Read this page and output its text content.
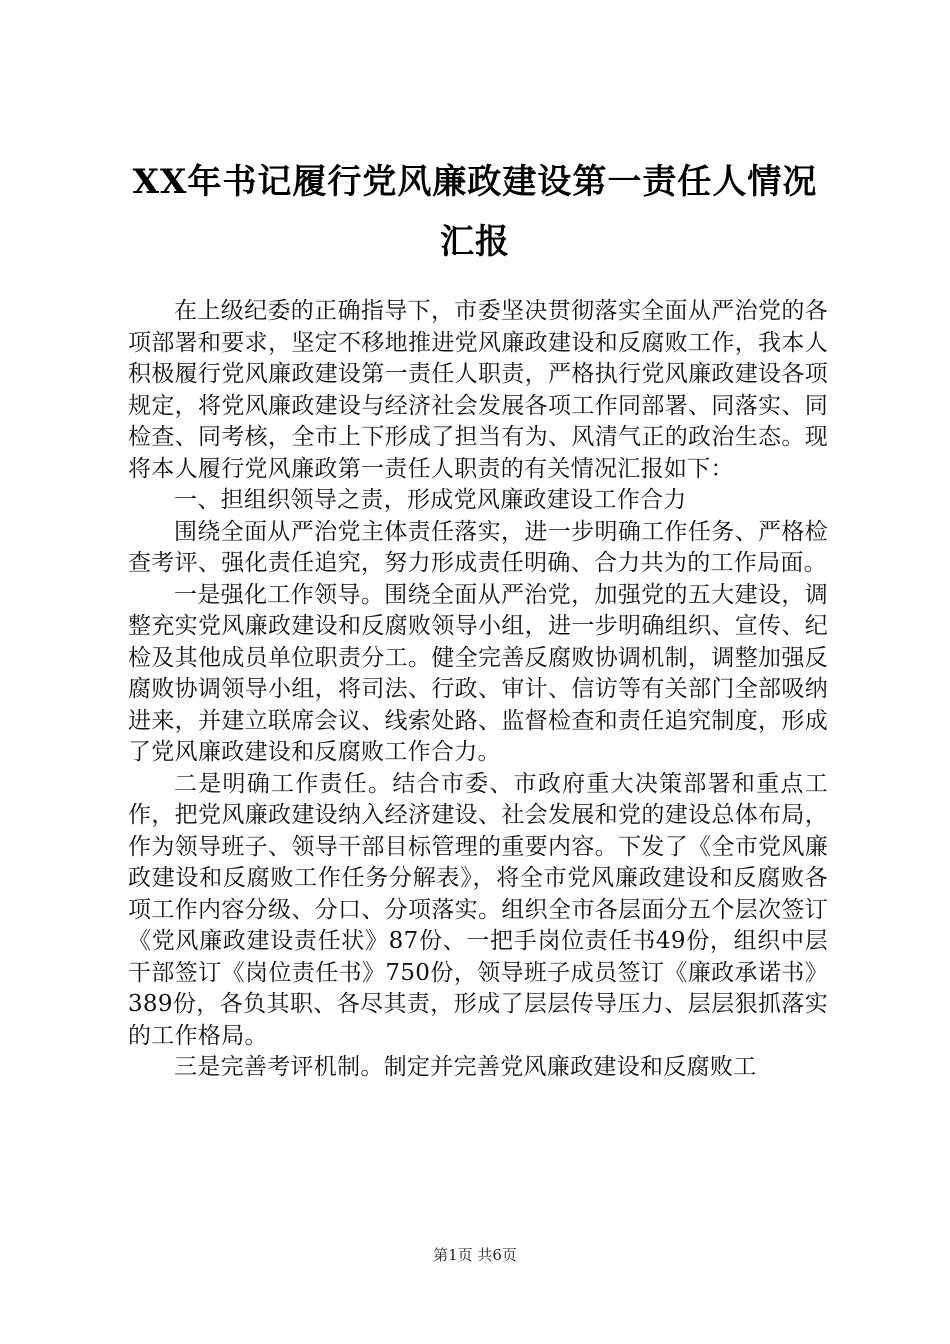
XX年书记履行党风廉政建设第一责任人情况
汇报

在上级纪委的正确指导下，市委坚决贯彻落实全面从严治党的各项部署和要求，坚定不移地推进党风廉政建设和反腐败工作，我本人积极履行党风廉政建设第一责任人职责，严格执行党风廉政建设各项规定，将党风廉政建设与经济社会发展各项工作同部署、同落实、同检查、同考核，全市上下形成了担当有为、风清气正的政治生态。现将本人履行党风廉政第一责任人职责的有关情况汇报如下：

一、担组织领导之责，形成党风廉政建设工作合力

围绕全面从严治党主体责任落实，进一步明确工作任务、严格检查考评、强化责任追究，努力形成责任明确、合力共为的工作局面。

一是强化工作领导。围绕全面从严治党，加强党的五大建设，调整充实党风廉政建设和反腐败领导小组，进一步明确组织、宣传、纪检及其他成员单位职责分工。健全完善反腐败协调机制，调整加强反腐败协调领导小组，将司法、行政、审计、信访等有关部门全部吸纳进来，并建立联席会议、线索处路、监督检查和责任追究制度，形成了党风廉政建设和反腐败工作合力。

二是明确工作责任。结合市委、市政府重大决策部署和重点工作，把党风廉政建设纳入经济建设、社会发展和党的建设总体布局，作为领导班子、领导干部目标管理的重要内容。下发了《全市党风廉政建设和反腐败工作任务分解表》，将全市党风廉政建设和反腐败各项工作内容分级、分口、分项落实。组织全市各层面分五个层次签订《党风廉政建设责任状》87份、一把手岗位责任书49份，组织中层干部签订《岗位责任书》750份，领导班子成员签订《廉政承诺书》389份，各负其职、各尽其责，形成了层层传导压力、层层狠抓落实的工作格局。

三是完善考评机制。制定并完善党风廉政建设和反腐败工

第1页 共6页
